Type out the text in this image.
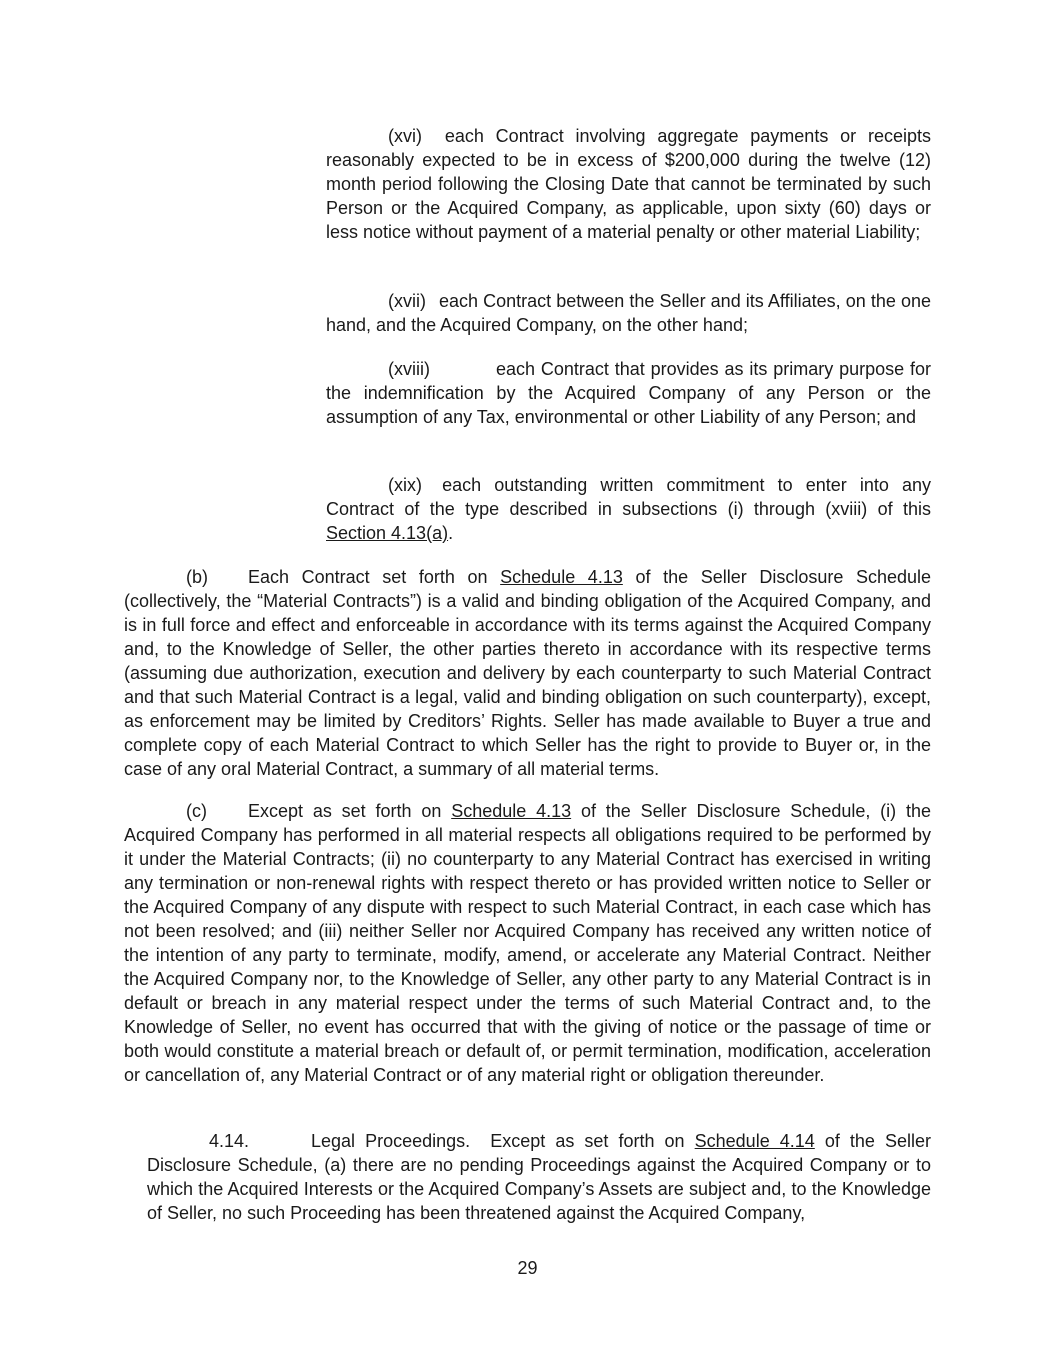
(xvi) each Contract involving aggregate payments or receipts reasonably expected to be in excess of $200,000 during the twelve (12) month period following the Closing Date that cannot be terminated by such Person or the Acquired Company, as applicable, upon sixty (60) days or less notice without payment of a material penalty or other material Liability;

(xvii) each Contract between the Seller and its Affiliates, on the one hand, and the Acquired Company, on the other hand;

(xviii)	each Contract that provides as its primary purpose for the indemnification by the Acquired Company of any Person or the assumption of any Tax, environmental or other Liability of any Person; and

(xix) each outstanding written commitment to enter into any Contract of the type described in subsections (i) through (xviii) of this Section 4.13(a).

(b) Each Contract set forth on Schedule 4.13 of the Seller Disclosure Schedule (collectively, the “Material Contracts”) is a valid and binding obligation of the Acquired Company, and is in full force and effect and enforceable in accordance with its terms against the Acquired Company and, to the Knowledge of Seller, the other parties thereto in accordance with its respective terms (assuming due authorization, execution and delivery by each counterparty to such Material Contract and that such Material Contract is a legal, valid and binding obligation on such counterparty), except, as enforcement may be limited by Creditors’ Rights. Seller has made available to Buyer a true and complete copy of each Material Contract to which Seller has the right to provide to Buyer or, in the case of any oral Material Contract, a summary of all material terms.

(c) Except as set forth on Schedule 4.13 of the Seller Disclosure Schedule, (i) the Acquired Company has performed in all material respects all obligations required to be performed by it under the Material Contracts; (ii) no counterparty to any Material Contract has exercised in writing any termination or non-renewal rights with respect thereto or has provided written notice to Seller or the Acquired Company of any dispute with respect to such Material Contract, in each case which has not been resolved; and (iii) neither Seller nor Acquired Company has received any written notice of the intention of any party to terminate, modify, amend, or accelerate any Material Contract. Neither the Acquired Company nor, to the Knowledge of Seller, any other party to any Material Contract is in default or breach in any material respect under the terms of such Material Contract and, to the Knowledge of Seller, no event has occurred that with the giving of notice or the passage of time or both would constitute a material breach or default of, or permit termination, modification, acceleration or cancellation of, any Material Contract or of any material right or obligation thereunder.

4.14.	Legal Proceedings. Except as set forth on Schedule 4.14 of the Seller Disclosure Schedule, (a) there are no pending Proceedings against the Acquired Company or to which the Acquired Interests or the Acquired Company’s Assets are subject and, to the Knowledge of Seller, no such Proceeding has been threatened against the Acquired Company,

29
